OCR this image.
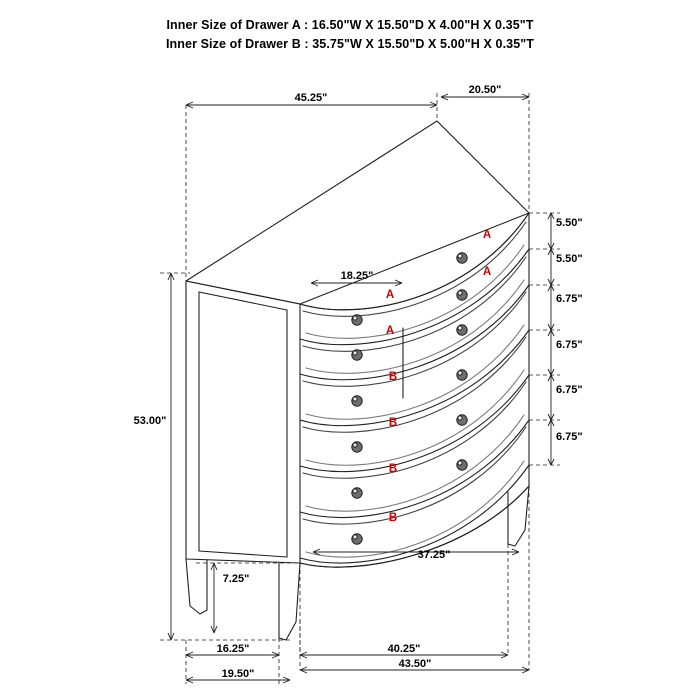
Inner Size of Drawer A : 16.50"W X 15.50"D X 4.00"H X 0.35"T
Inner Size of Drawer B : 35.75"W X 15.50"D X 5.00"H X 0.35"T
45.25"
20.50"
18.25"
53.00"
7.25"
37.25"
16.25"	40.25"
19.50"
43.50"
5.50"
5.50"
6.75"
6.75"
6.75"
6.75"
A
A
B
B
B
B
A
A
